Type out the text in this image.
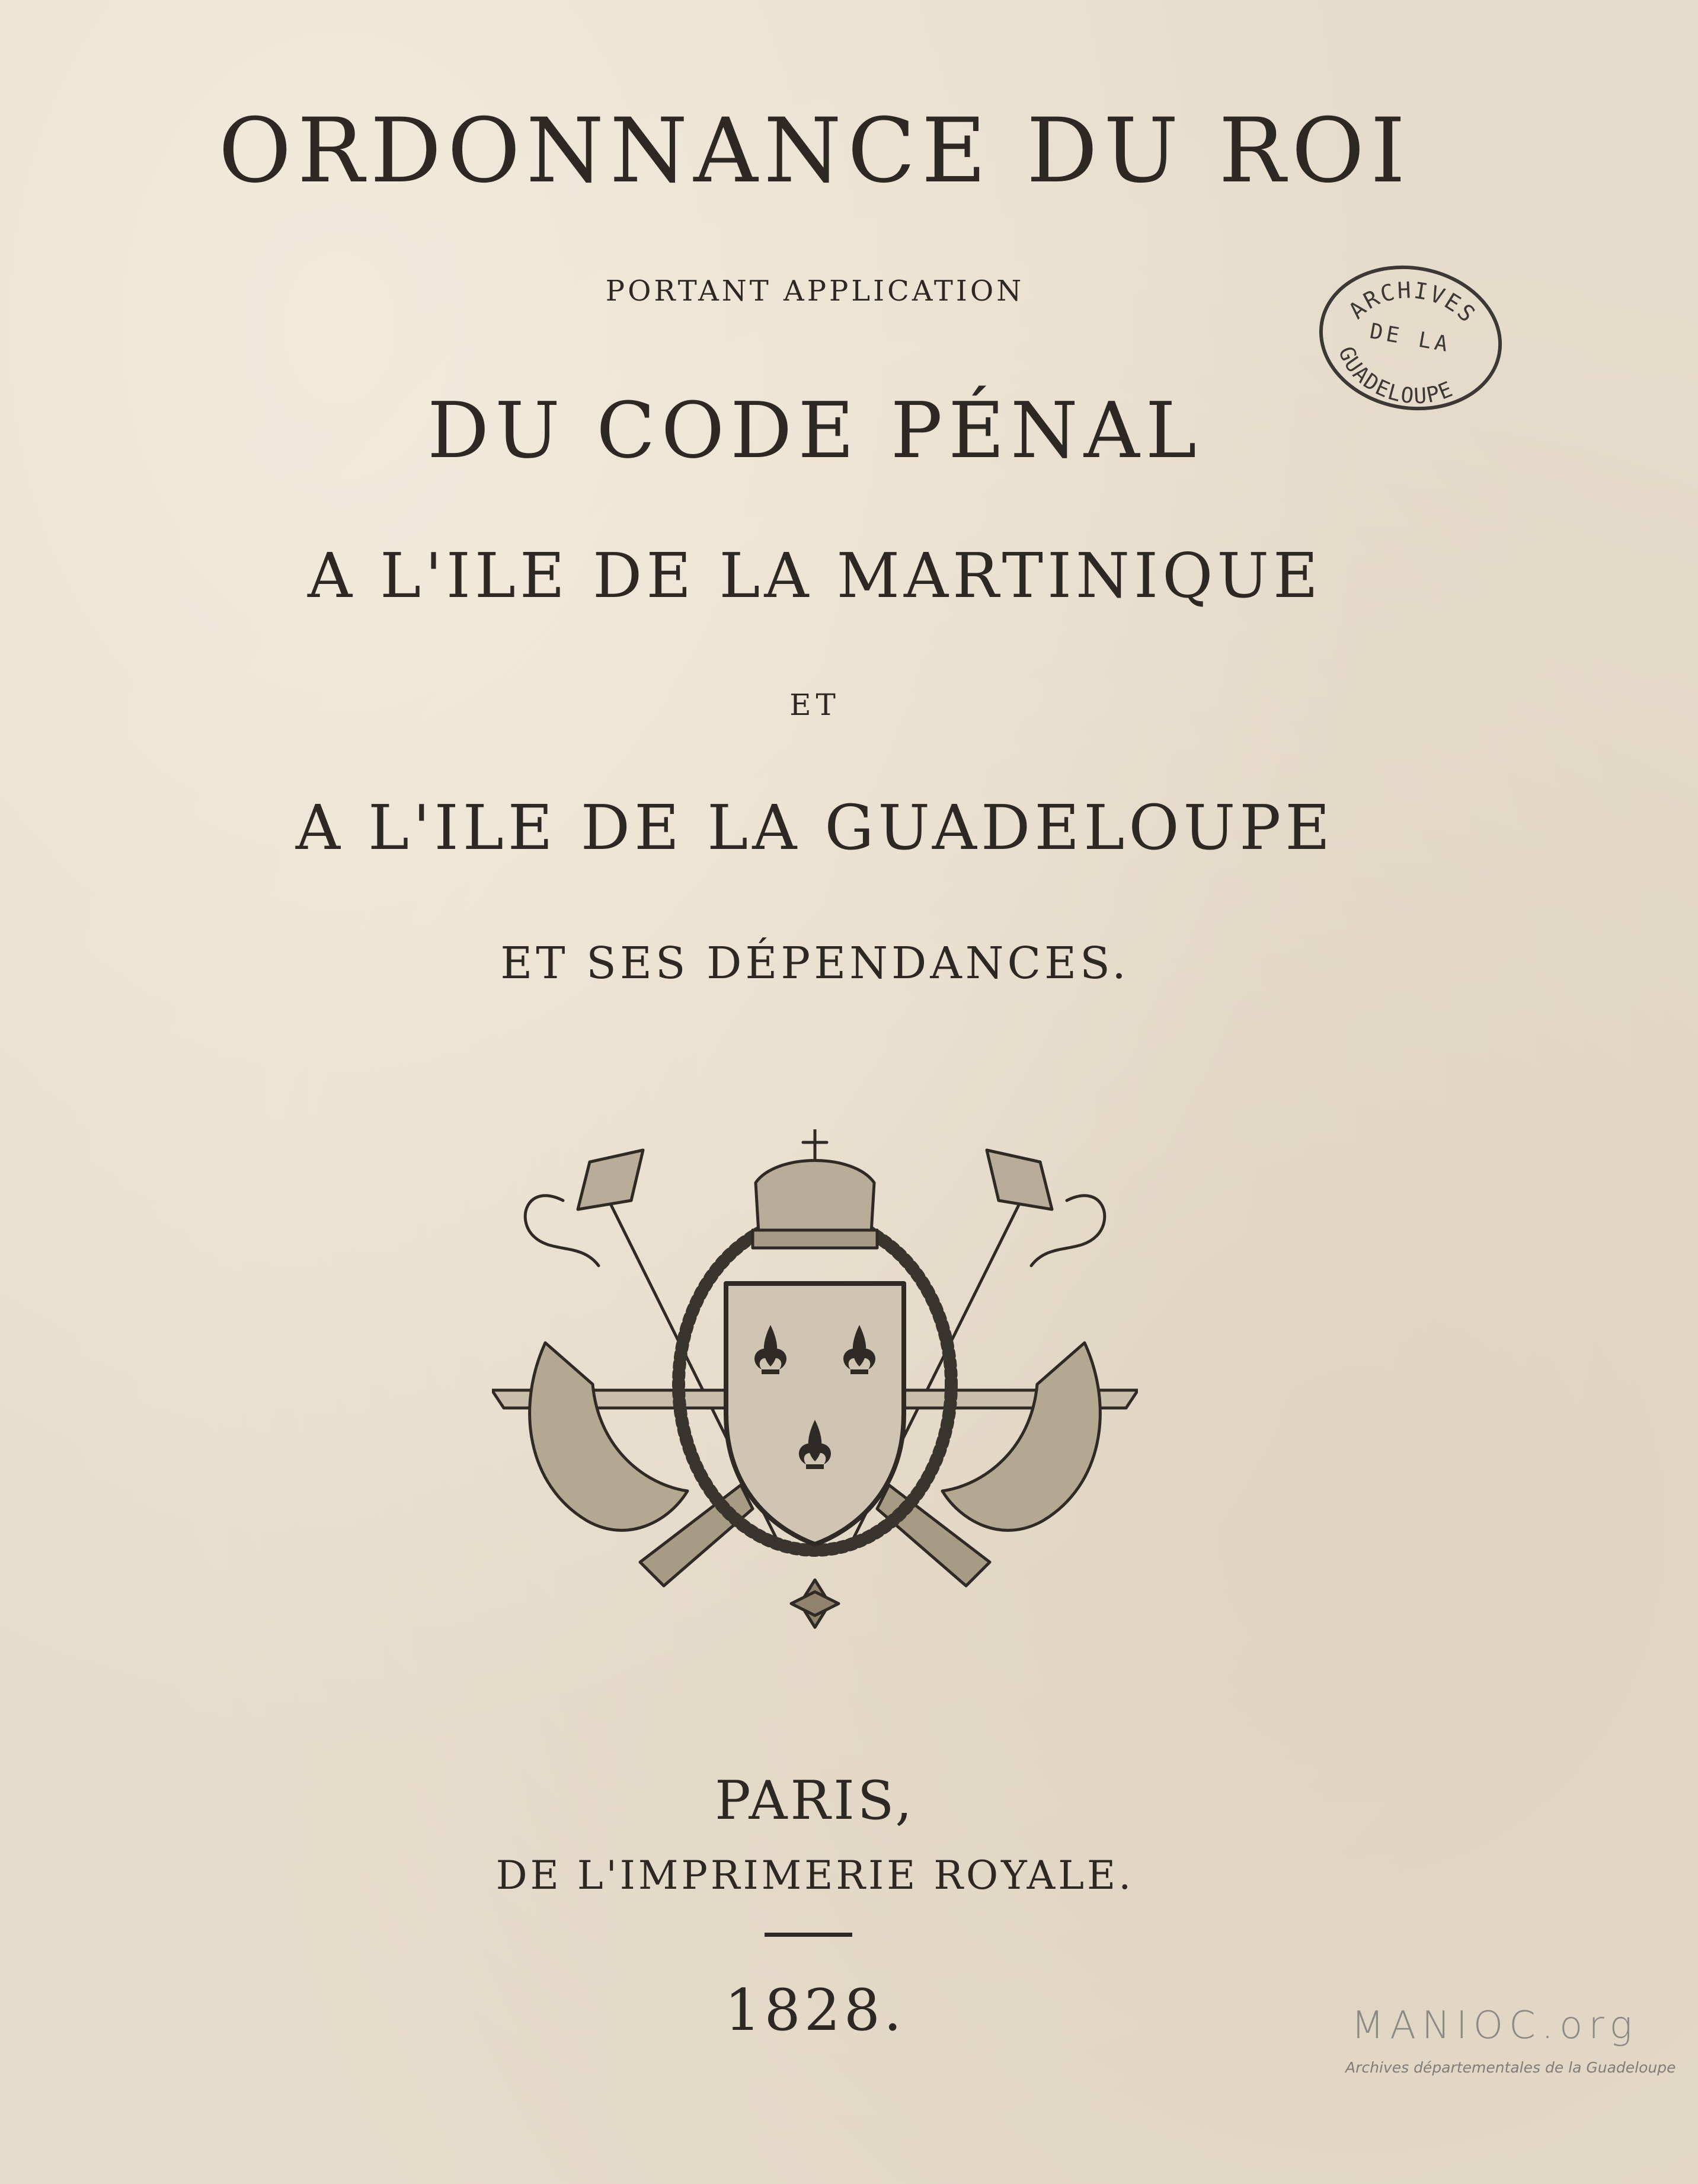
ORDONNANCE DU ROI
PORTANT APPLICATION
DU CODE PÉNAL
A L'ILE DE LA MARTINIQUE
ET
A L'ILE DE LA GUADELOUPE
ET SES DÉPENDANCES.
ARCHIVES
DE LA
GUADELOUPE
PARIS,
DE L'IMPRIMERIE ROYALE.
1828.	MANIOC.org
Archives départementales de la Guadeloupe
